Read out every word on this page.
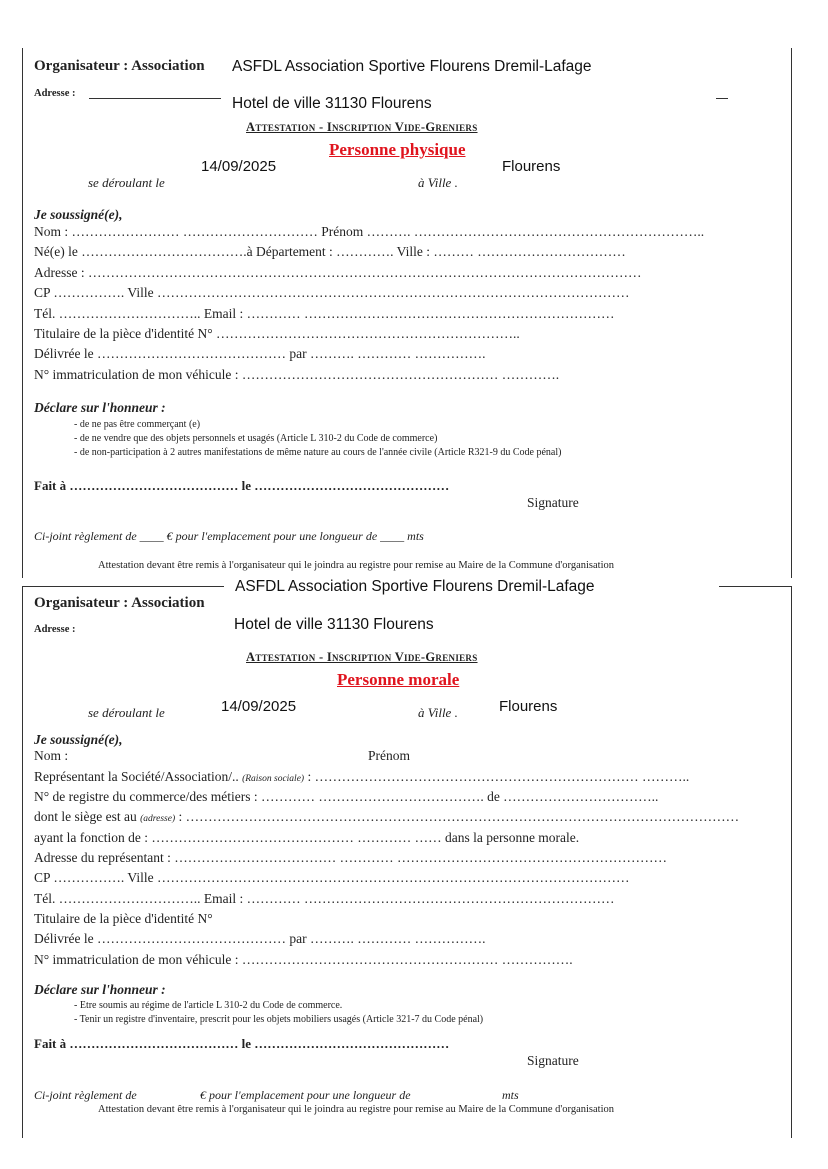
Organisateur : Association ASFDL Association Sportive Flourens Dremil-Lafage
Adresse :
Hotel de ville 31130 Flourens
Attestation - Inscription Vide-Greniers
Personne physique
14/09/2025	Flourens
se déroulant le	à Ville .
Je soussigné(e),
Nom : …………………… ………………………… Prénom ………. ………………………………………………………..
Né(e) le ……………………………….à Département : …………. Ville : ……… ……………………………
Adresse : ……………………………………………………………………………………………………………
CP ……………. Ville ……………………………………………………………………………………………
Tél. ………………………….. Email : ………… ……………………………………………………………
Titulaire de la pièce d'identité N° …………………………………………………………..
Délivrée le …………………………………… par ………. ………… …………….
N° immatriculation de mon véhicule : ………………………………………………… ………….
Déclare sur l'honneur :
- de ne pas être commerçant (e)
- de ne vendre que des objets personnels et usagés (Article L 310-2 du Code de commerce)
- de non-participation à 2 autres manifestations de même nature au cours de l'année civile (Article R321-9 du Code pénal)
Fait à ………………………………… le ………………………………………
Signature
Ci-joint règlement de ____ € pour l'emplacement pour une longueur de ____ mts
Attestation devant être remis à l'organisateur qui le joindra au registre pour remise au Maire de la Commune d'organisation
ASFDL Association Sportive Flourens Dremil-Lafage
Organisateur : Association
Adresse :	Hotel de ville 31130 Flourens
Attestation - Inscription Vide-Greniers
Personne morale
14/09/2025	Flourens
se déroulant le	à Ville .
Je soussigné(e),
Nom :	Prénom
Représentant la Société/Association/.. (Raison sociale) : ……………………………………………………………… ………..
N° de registre du commerce/des métiers : ………… ………………………………. de ……………………………..
dont le siège est au (adresse) : ……………………………………………………………………………………………………………
ayant la fonction de : ……………………………………… ………… …… dans la personne morale.
Adresse du représentant : ……………………………… ………… ……………………………………………………
CP ……………. Ville ……………………………………………………………………………………………
Tél. ………………………….. Email : ………… ……………………………………………………………
Titulaire de la pièce d'identité N°
Délivrée le …………………………………… par ………. ………… …………….
N° immatriculation de mon véhicule : ………………………………………………… …………….
Déclare sur l'honneur :
- Etre soumis au régime de l'article L 310-2 du Code de commerce.
- Tenir un registre d'inventaire, prescrit pour les objets mobiliers usagés (Article 321-7 du Code pénal)
Fait à ………………………………… le ………………………………………
Signature
Ci-joint règlement de	€ pour l'emplacement pour une longueur de	mts
Attestation devant être remis à l'organisateur qui le joindra au registre pour remise au Maire de la Commune d'organisation
